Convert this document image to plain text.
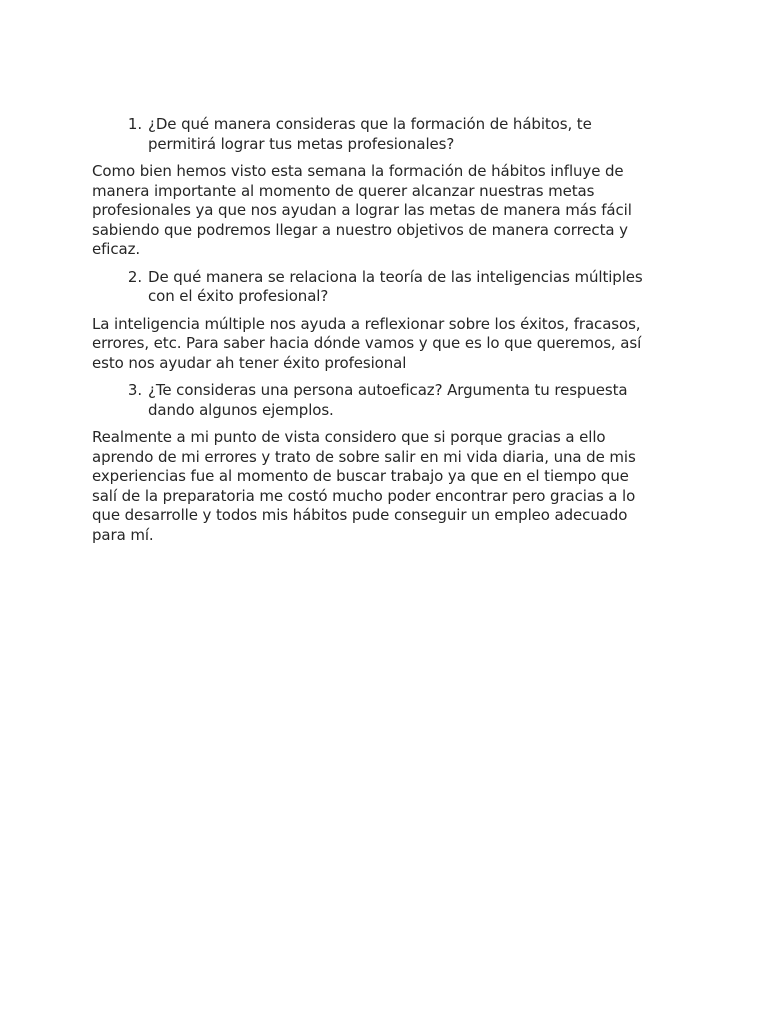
1. ¿De qué manera consideras que la formación de hábitos, te
permitirá lograr tus metas profesionales?

Como bien hemos visto esta semana la formación de hábitos influye de
manera importante al momento de querer alcanzar nuestras metas
profesionales ya que nos ayudan a lograr las metas de manera más fácil
sabiendo que podremos llegar a nuestro objetivos de manera correcta y
eficaz.

2. De qué manera se relaciona la teoría de las inteligencias múltiples
con el éxito profesional?

La inteligencia múltiple nos ayuda a reflexionar sobre los éxitos, fracasos,
errores, etc. Para saber hacia dónde vamos y que es lo que queremos, así
esto nos ayudar ah tener éxito profesional

3. ¿Te consideras una persona autoeficaz? Argumenta tu respuesta
dando algunos ejemplos.

Realmente a mi punto de vista considero que si porque gracias a ello
aprendo de mi errores y trato de sobre salir en mi vida diaria, una de mis
experiencias fue al momento de buscar trabajo ya que en el tiempo que
salí de la preparatoria me costó mucho poder encontrar pero gracias a lo
que desarrolle y todos mis hábitos pude conseguir un empleo adecuado
para mí.
